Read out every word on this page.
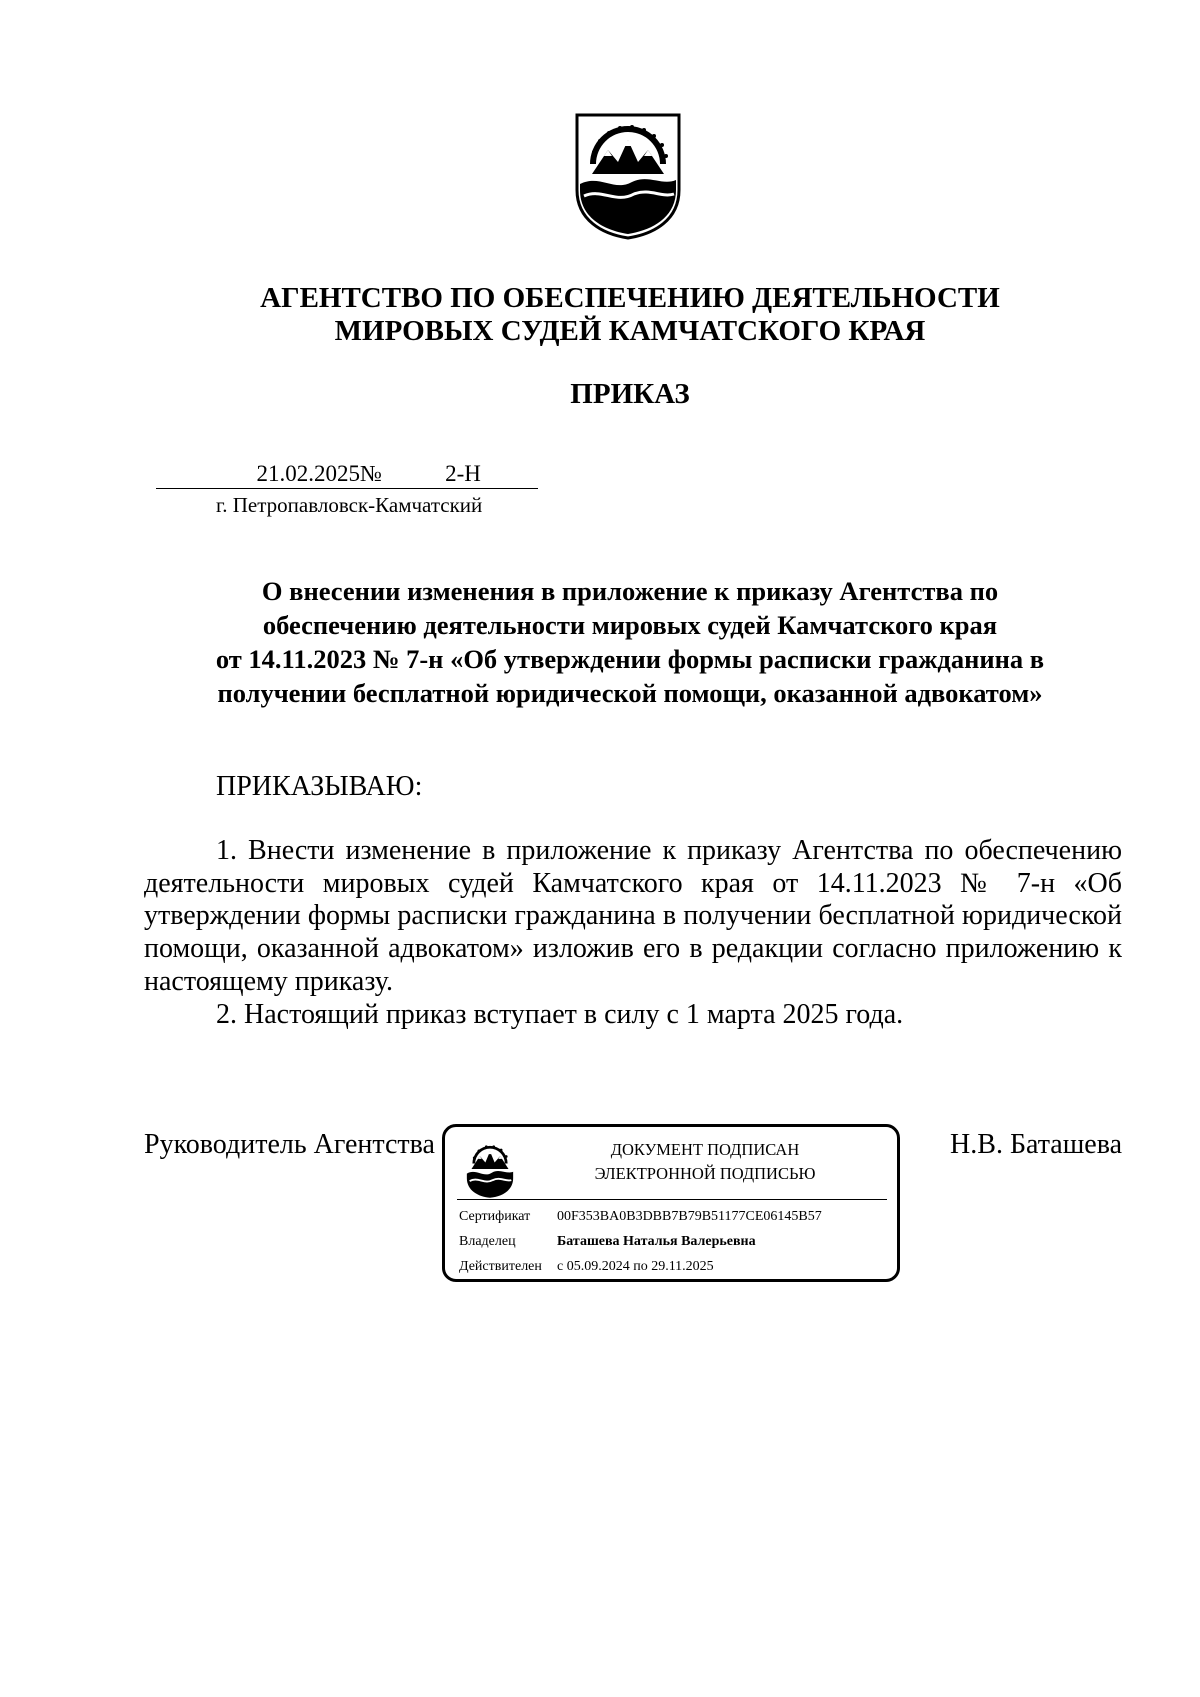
АГЕНТСТВО ПО ОБЕСПЕЧЕНИЮ ДЕЯТЕЛЬНОСТИ
МИРОВЫХ СУДЕЙ КАМЧАТСКОГО КРАЯ
ПРИКАЗ
21.02.2025№	2-Н
г. Петропавловск-Камчатский
О внесении изменения в приложение к приказу Агентства по
обеспечению деятельности мировых судей Камчатского края
от 14.11.2023 № 7-н «Об утверждении формы расписки гражданина в
получении бесплатной юридической помощи, оказанной адвокатом»
ПРИКАЗЫВАЮ:

1. Внести изменение в приложение к приказу Агентства по обеспечению деятельности мировых судей Камчатского края от 14.11.2023 № 7-н «Об утверждении формы расписки гражданина в получении бесплатной юридической помощи, оказанной адвокатом» изложив его в редакции согласно приложению к настоящему приказу.

2. Настоящий приказ вступает в силу с 1 марта 2025 года.

Руководитель Агентства	Н.В. Баташева
ДОКУМЕНТ ПОДПИСАН
ЭЛЕКТРОННОЙ ПОДПИСЬЮ
Сертификат 00F353BA0B3DBB7B79B51177CE06145B57
Владелец	Баташева Наталья Валерьевна
Действителен с 05.09.2024 по 29.11.2025
